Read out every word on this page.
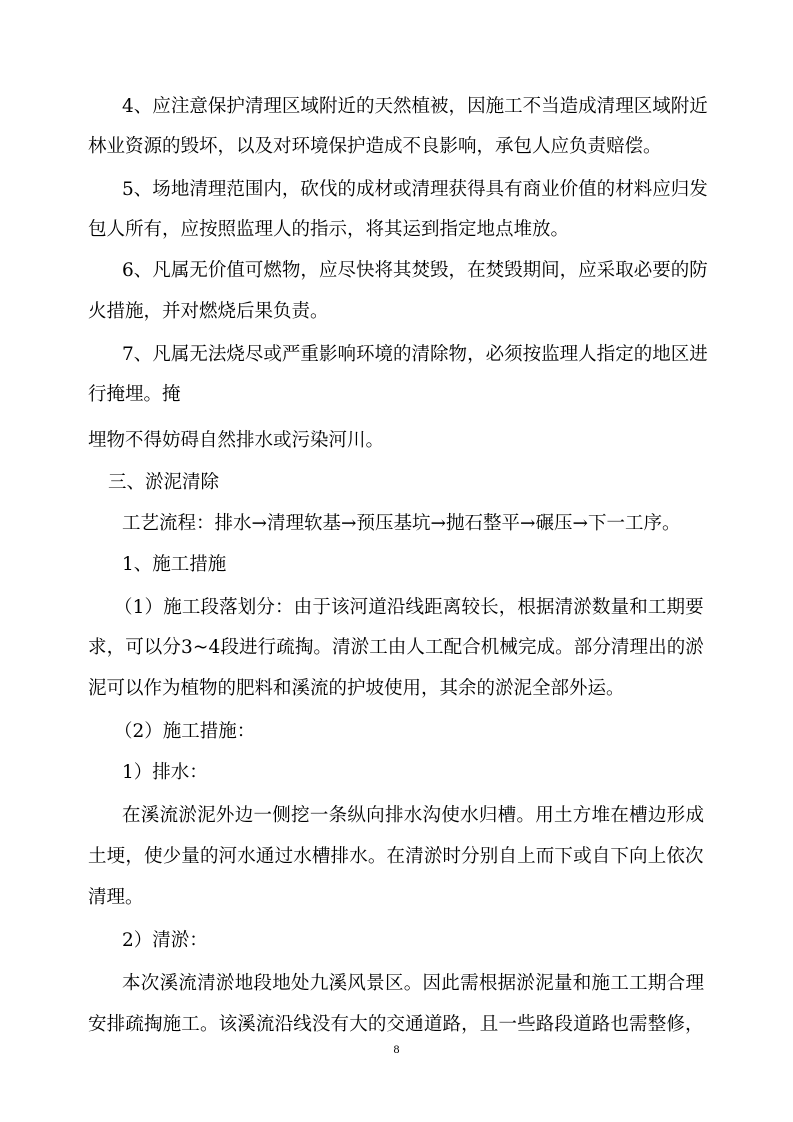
4 、 应 注 意 保 护 清 理 区 域 附 近 的 天 然 植 被 ， 因 施 工 不 当 造 成 清 理 区 域 附 近
林业资源的毁坏，以及对环境保护造成不良影响，承包人应负责赔偿。
5 、 场 地 清 理 范 围 内 ， 砍 伐 的 成 材 或 清 理 获 得 具 有 商 业 价 值 的 材 料 应 归 发
包人所有，应按照监理人的指示，将其运到指定地点堆放。
6 、 凡 属 无 价 值 可 燃 物 ， 应 尽 快 将 其 焚 毁 ， 在 焚 毁 期 间 ， 应 采 取 必 要 的 防
火措施，并对燃烧后果负责。
7 、 凡 属 无 法 烧 尽 或 严 重 影 响 环 境 的 清 除 物 ， 必 须 按 监 理 人 指 定 的 地 区 进
行掩埋。掩
埋物不得妨碍自然排水或污染河川。
三、淤泥清除
工艺流程：排水→清理软基→预压基坑→抛石整平→碾压→下一工序。
1、施工措施
（ 1 ） 施 工 段 落 划 分 ： 由 于 该 河 道 沿 线 距 离 较 长 ， 根 据 清 淤 数 量 和 工 期 要
求 ， 可 以 分 3 ~ 4 段 进 行 疏 掏 。 清 淤 工 由 人 工 配 合 机 械 完 成 。 部 分 清 理 出 的 淤
泥可以作为植物的肥料和溪流的护坡使用，其余的淤泥全部外运。
（2）施工措施：
1）排水：
在 溪 流 淤 泥 外 边 一 侧 挖 一 条 纵 向 排 水 沟 使 水 归 槽 。 用 土 方 堆 在 槽 边 形 成
土 埂 ， 使 少 量 的 河 水 通 过 水 槽 排 水 。 在 清 淤 时 分 别 自 上 而 下 或 自 下 向 上 依 次
清理。
2）清淤：
本 次 溪 流 清 淤 地 段 地 处 九 溪 风 景 区 。 因 此 需 根 据 淤 泥 量 和 施 工 工 期 合 理
安 排 疏 掏 施 工 。 该 溪 流 沿 线 没 有 大 的 交 通 道 路 ， 且 一 些 路 段 道 路 也 需 整 修 ，
8
